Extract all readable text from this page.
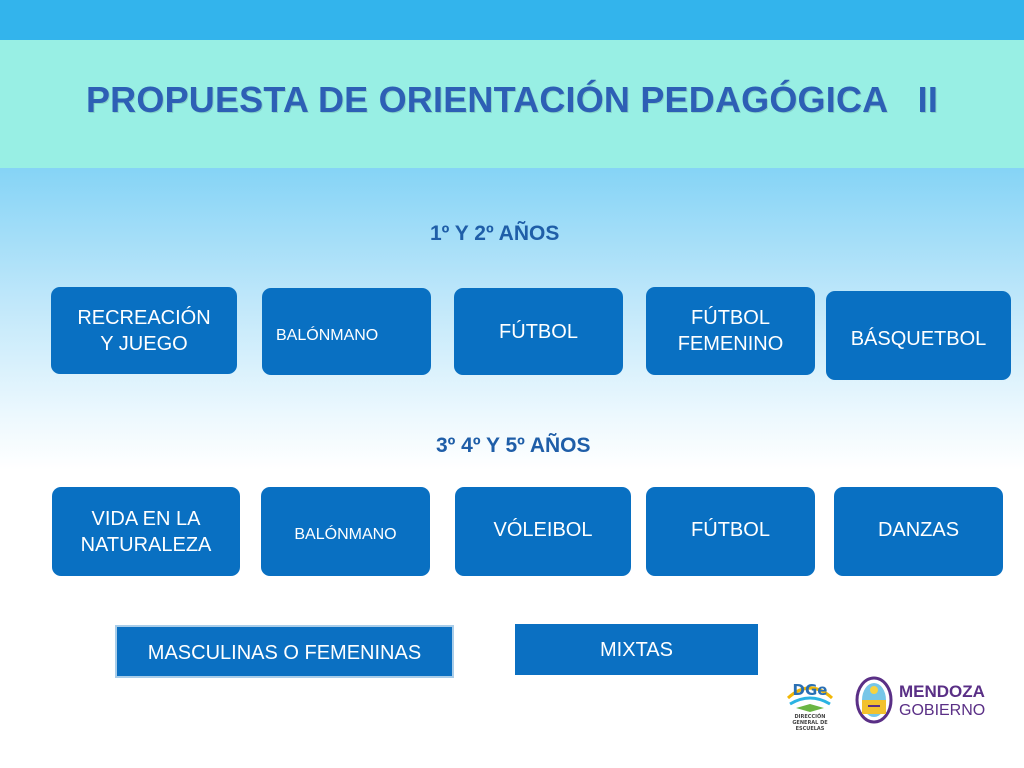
PROPUESTA DE ORIENTACIÓN PEDAGÓGICA   II
1º Y 2º AÑOS
RECREACIÓN
Y JUEGO	BALÓNMANO	FÚTBOL
FÚTBOL
FEMENINO	BÁSQUETBOL
3º 4º Y 5º AÑOS
VIDA EN LA
NATURALEZA	BALÓNMANO	VÓLEIBOL	FÚTBOL	DANZAS
MASCULINAS O FEMENINAS	MIXTAS
DGe
DIRECCIÓN GENERAL DE ESCUELAS
MENDOZA
GOBIERNO
